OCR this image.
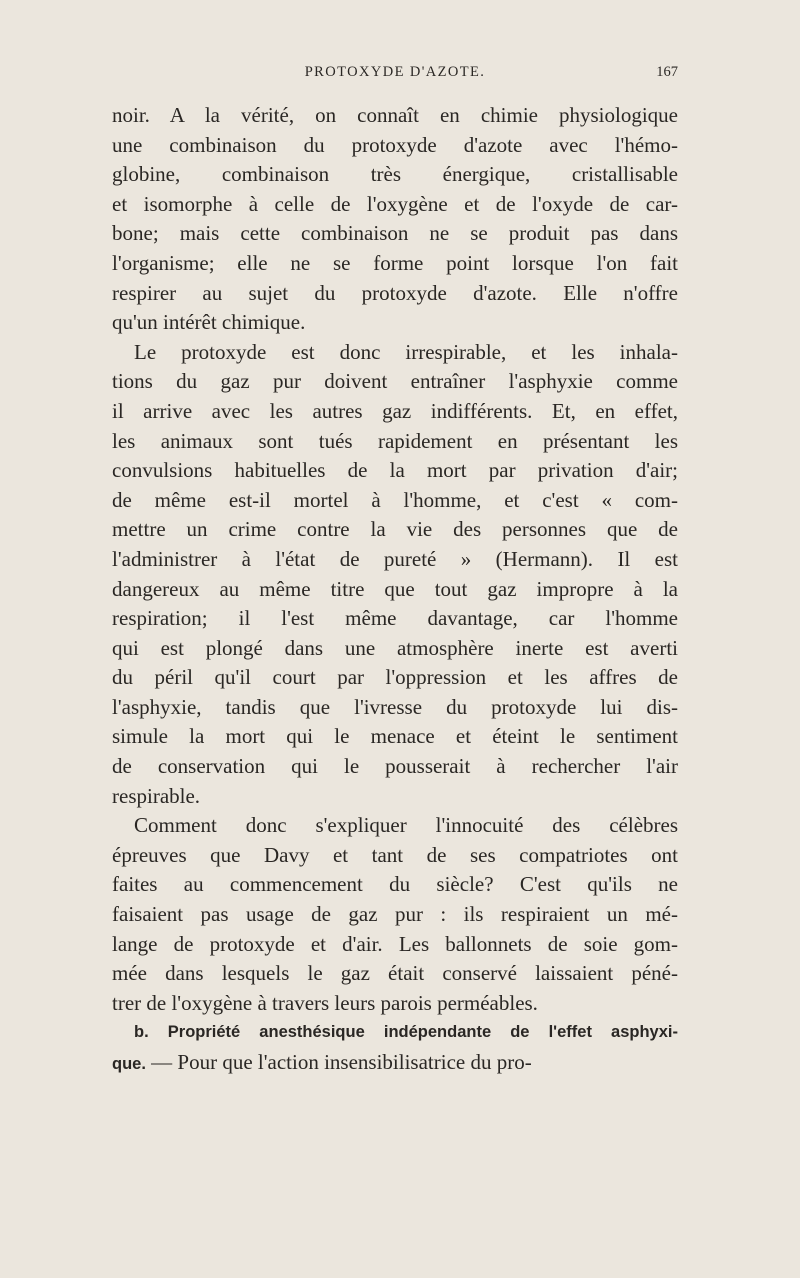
PROTOXYDE D'AZOTE.	167
noir. A la vérité, on connaît en chimie physiologique
une combinaison du protoxyde d'azote avec l'hémo-
globine, combinaison très énergique, cristallisable
et isomorphe à celle de l'oxygène et de l'oxyde de car-
bone; mais cette combinaison ne se produit pas dans
l'organisme; elle ne se forme point lorsque l'on fait
respirer au sujet du protoxyde d'azote. Elle n'offre
qu'un intérêt chimique.
Le protoxyde est donc irrespirable, et les inhala-
tions du gaz pur doivent entraîner l'asphyxie comme
il arrive avec les autres gaz indifférents. Et, en effet,
les animaux sont tués rapidement en présentant les
convulsions habituelles de la mort par privation d'air;
de même est-il mortel à l'homme, et c'est « com-
mettre un crime contre la vie des personnes que de
l'administrer à l'état de pureté » (Hermann). Il est
dangereux au même titre que tout gaz impropre à la
respiration; il l'est même davantage, car l'homme
qui est plongé dans une atmosphère inerte est averti
du péril qu'il court par l'oppression et les affres de
l'asphyxie, tandis que l'ivresse du protoxyde lui dis-
simule la mort qui le menace et éteint le sentiment
de conservation qui le pousserait à rechercher l'air
respirable.
Comment donc s'expliquer l'innocuité des célèbres
épreuves que Davy et tant de ses compatriotes ont
faites au commencement du siècle? C'est qu'ils ne
faisaient pas usage de gaz pur : ils respiraient un mé-
lange de protoxyde et d'air. Les ballonnets de soie gom-
mée dans lesquels le gaz était conservé laissaient péné-
trer de l'oxygène à travers leurs parois perméables.
b. Propriété anesthésique indépendante de l'effet asphyxi-
que. — Pour que l'action insensibilisatrice du pro-
